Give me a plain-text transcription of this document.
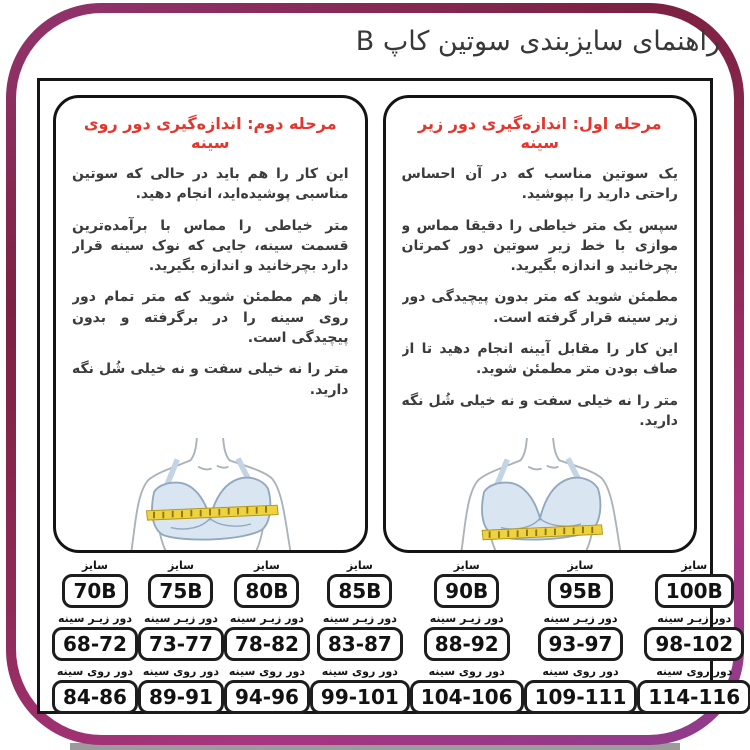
راهنمای سایزبندی سوتین کاپ B
مرحله اول: اندازه‌گیری دور زیر سینه

یک سوتین مناسب که در آن احساس راحتی دارید را بپوشید.

سپس یک متر خیاطی را دقیقا مماس و موازی با خط زیر سوتین دور کمرتان بچرخانید و اندازه بگیرید.

مطمئن شوید که متر بدون پیچیدگی دور زیر سینه قرار گرفته است.

این کار را مقابل آیینه انجام دهید تا از صاف بودن متر مطمئن شوید.

متر را نه خیلی سفت و نه خیلی شُل نگه دارید.

مرحله دوم: اندازه‌گیری دور روی سینه

این کار را هم باید در حالی که سوتین مناسبی پوشیده‌اید، انجام دهید.

متر خیاطی را مماس با برآمده‌ترین قسمت سینه، جایی که نوک سینه قرار دارد بچرخانید و اندازه بگیرید.

باز هم مطمئن شوید که متر تمام دور روی سینه را در برگرفته و بدون پیچیدگی است.

متر را نه خیلی سفت و نه خیلی شُل نگه دارید.

سایز
70B
دور زیـر سینه
68-72
دور روی سینه
84-86
سایز
75B
دور زیـر سینه
73-77
دور روی سینه
89-91
سایز
80B
دور زیـر سینه
78-82
دور روی سینه
94-96
سایز
85B
دور زیـر سینه
83-87
دور روی سینه
99-101
سایز
90B
دور زیـر سینه
88-92
دور روی سینه
104-106
سایز
95B
دور زیـر سینه
93-97
دور روی سینه
109-111
سایز
100B
دور زیـر سینه
98-102
دور روی سینه
114-116
